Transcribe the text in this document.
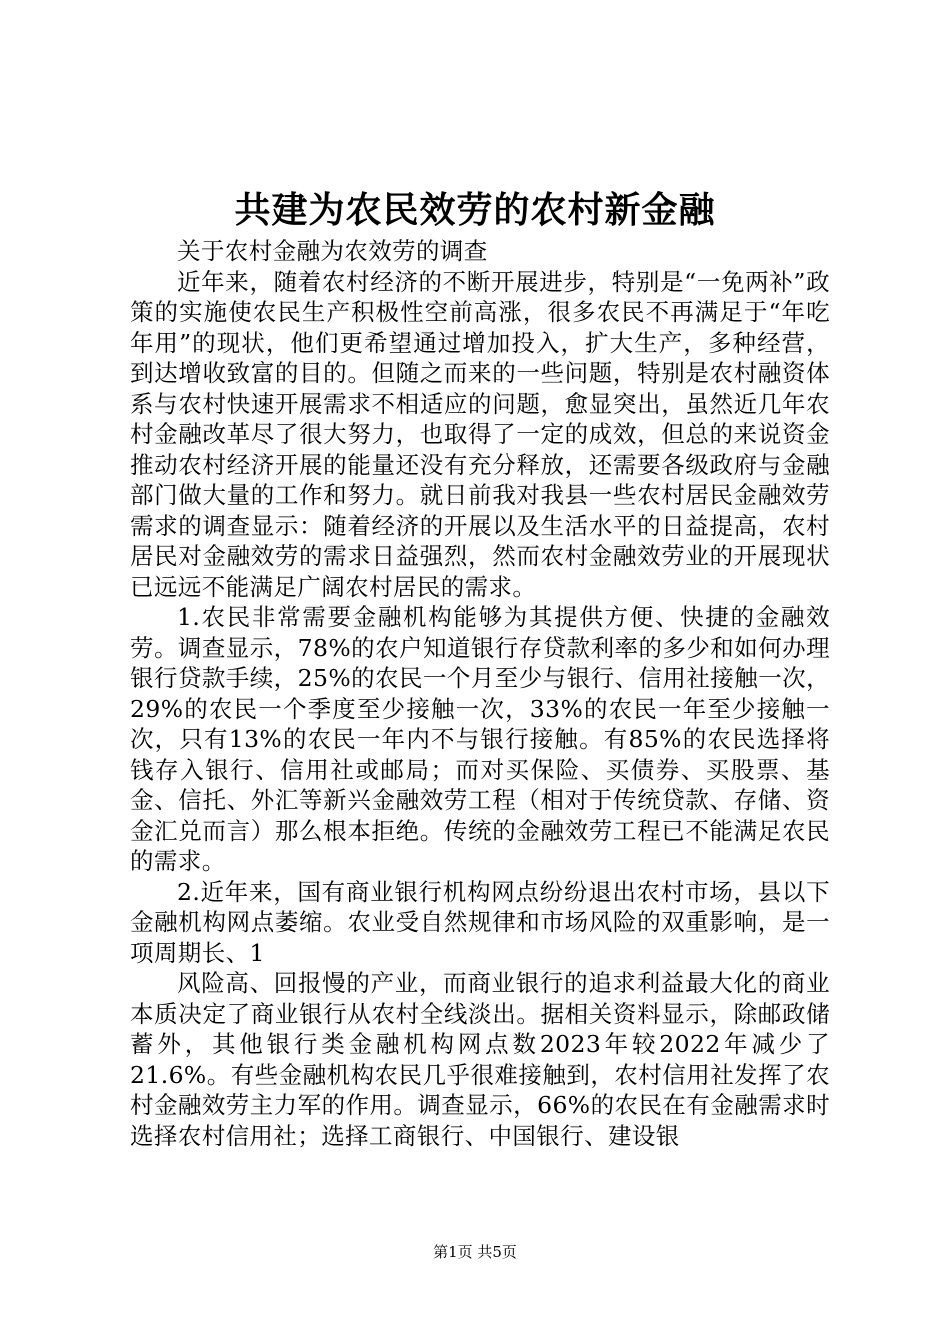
共建为农民效劳的农村新金融

关于农村金融为农效劳的调查

近年来，随着农村经济的不断开展进步，特别是“一免两补”政策的实施使农民生产积极性空前高涨，很多农民不再满足于“年吃年用”的现状，他们更希望通过增加投入，扩大生产，多种经营，到达增收致富的目的。但随之而来的一些问题，特别是农村融资体系与农村快速开展需求不相适应的问题，愈显突出，虽然近几年农村金融改革尽了很大努力，也取得了一定的成效，但总的来说资金推动农村经济开展的能量还没有充分释放，还需要各级政府与金融部门做大量的工作和努力。就日前我对我县一些农村居民金融效劳需求的调查显示：随着经济的开展以及生活水平的日益提高，农村居民对金融效劳的需求日益强烈，然而农村金融效劳业的开展现状已远远不能满足广阔农村居民的需求。

1.农民非常需要金融机构能够为其提供方便、快捷的金融效劳。调查显示，78%的农户知道银行存贷款利率的多少和如何办理银行贷款手续，25%的农民一个月至少与银行、信用社接触一次，29%的农民一个季度至少接触一次，33%的农民一年至少接触一次，只有13%的农民一年内不与银行接触。有85%的农民选择将钱存入银行、信用社或邮局；而对买保险、买债券、买股票、基金、信托、外汇等新兴金融效劳工程（相对于传统贷款、存储、资金汇兑而言）那么根本拒绝。传统的金融效劳工程已不能满足农民的需求。

2.近年来，国有商业银行机构网点纷纷退出农村市场，县以下金融机构网点萎缩。农业受自然规律和市场风险的双重影响，是一项周期长、1

风险高、回报慢的产业，而商业银行的追求利益最大化的商业本质决定了商业银行从农村全线淡出。据相关资料显示，除邮政储蓄外，其他银行类金融机构网点数2023年较2022年减少了21.6%。有些金融机构农民几乎很难接触到，农村信用社发挥了农村金融效劳主力军的作用。调查显示，66%的农民在有金融需求时选择农村信用社；选择工商银行、中国银行、建设银

第1页 共5页
